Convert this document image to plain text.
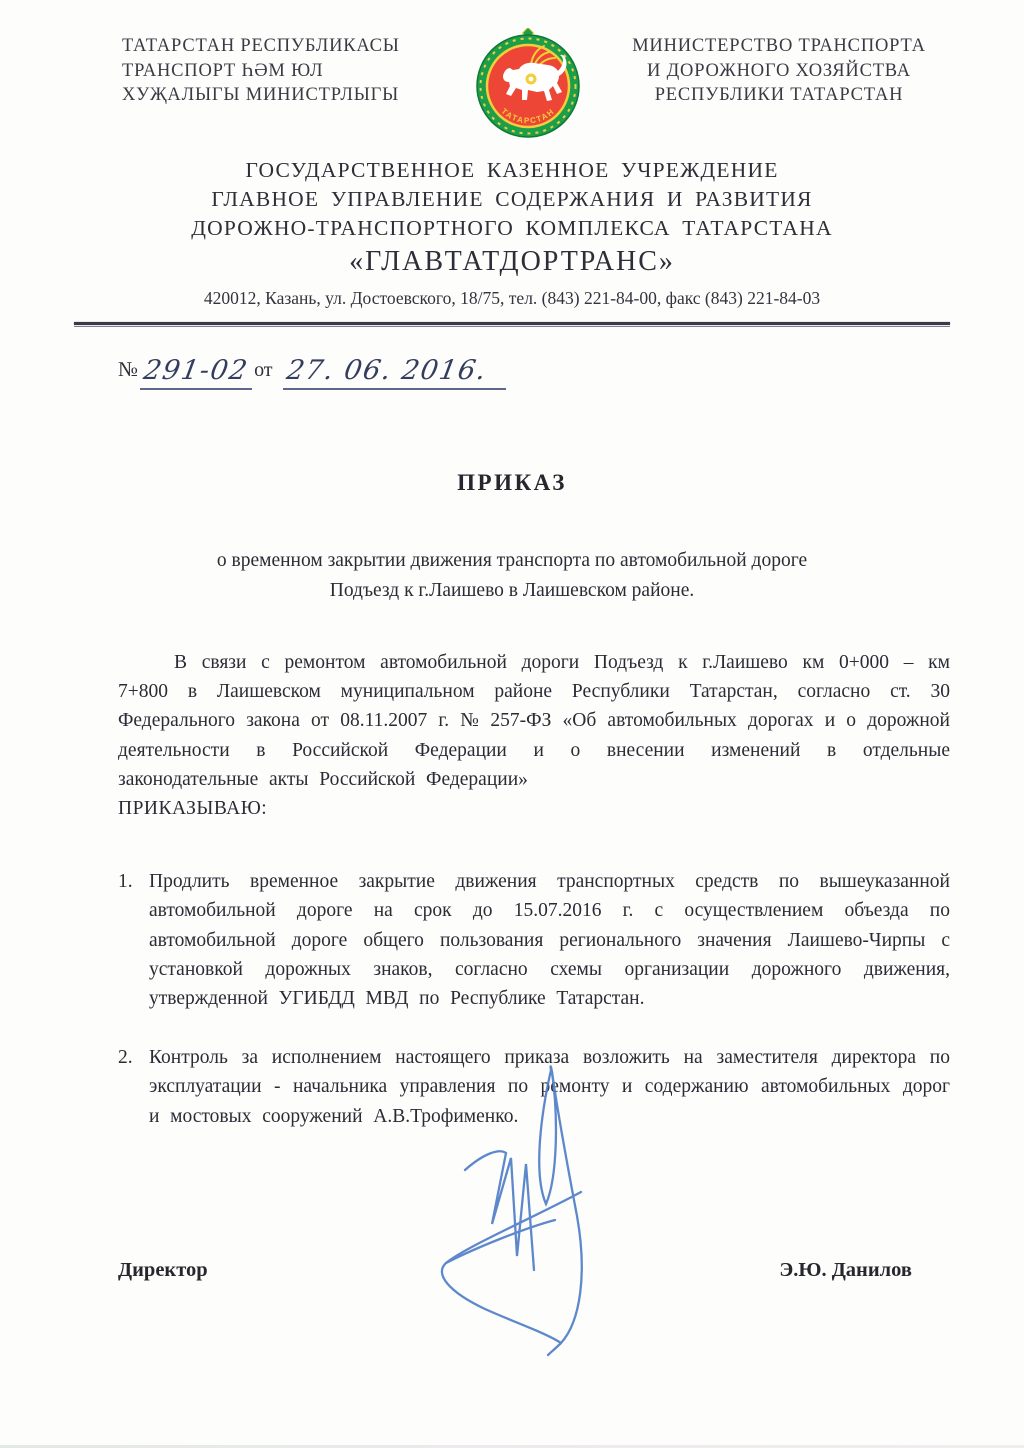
ТАТАРСТАН РЕСПУБЛИКАСЫ
ТРАНСПОРТ ҺӘМ ЮЛ
ХУҖАЛЫГЫ МИНИСТРЛЫГЫ
ТАТАРСТАН
МИНИСТЕРСТВО ТРАНСПОРТА
И ДОРОЖНОГО ХОЗЯЙСТВА
РЕСПУБЛИКИ ТАТАРСТАН
ГОСУДАРСТВЕННОЕ КАЗЕННОЕ УЧРЕЖДЕНИЕ
ГЛАВНОЕ УПРАВЛЕНИЕ СОДЕРЖАНИЯ И РАЗВИТИЯ
ДОРОЖНО-ТРАНСПОРТНОГО КОМПЛЕКСА ТАТАРСТАНА
«ГЛАВТАТДОРТРАНС»
420012, Казань, ул. Достоевского, 18/75, тел. (843) 221-84-00, факс (843) 221-84-03
№ 291-02 от 27. 06. 2016.
ПРИКАЗ
о временном закрытии движения транспорта по автомобильной дороге
Подъезд к г.Лаишево в Лаишевском районе.
В связи с ремонтом автомобильной дороги Подъезд к г.Лаишево км 0+000 – км 7+800 в Лаишевском муниципальном районе Республики Татарстан, согласно ст. 30 Федерального закона от 08.11.2007 г. № 257-ФЗ «Об автомобильных дорогах и о дорожной деятельности в Российской Федерации и о внесении изменений в отдельные законодательные акты Российской Федерации»
ПРИКАЗЫВАЮ:
1. Продлить временное закрытие движения транспортных средств по вышеуказанной автомобильной дороге на срок до 15.07.2016 г. с осуществлением объезда по автомобильной дороге общего пользования регионального значения Лаишево-Чирпы с установкой дорожных знаков, согласно схемы организации дорожного движения, утвержденной УГИБДД МВД по Республике Татарстан.
2. Контроль за исполнением настоящего приказа возложить на заместителя директора по эксплуатации - начальника управления по ремонту и содержанию автомобильных дорог и мостовых сооружений А.В.Трофименко.
Директор	Э.Ю. Данилов
